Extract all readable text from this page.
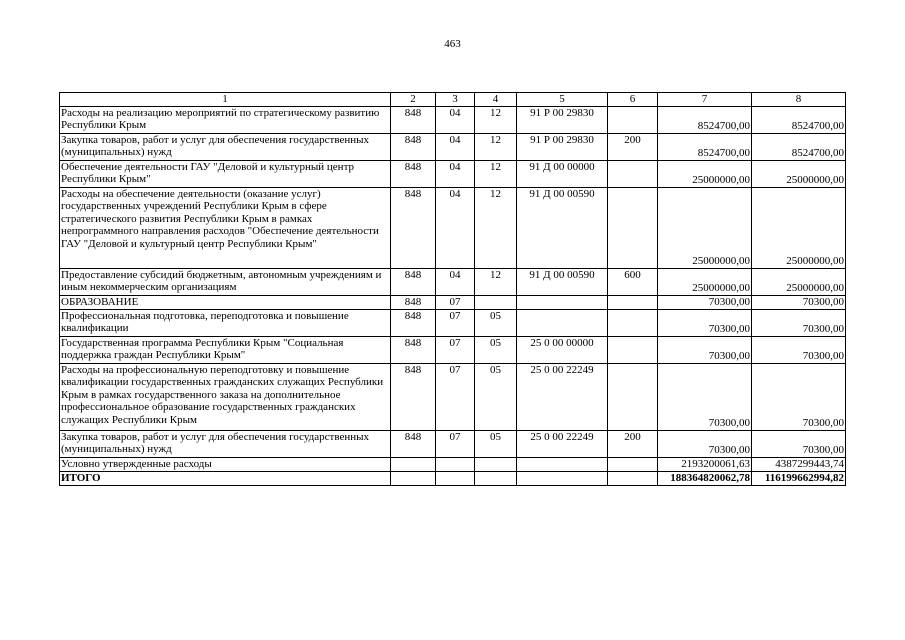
463
1	2	3	4	5	6	7	8
Расходы на реализацию мероприятий по стратегическому развитию Республики Крым	848	04	12	91 Р 00 29830		8524700,00	8524700,00
Закупка товаров, работ и услуг для обеспечения государственных (муниципальных) нужд	848	04	12	91 Р 00 29830	200	8524700,00	8524700,00
Обеспечение деятельности ГАУ "Деловой и культурный центр Республики Крым"	848	04	12	91 Д 00 00000		25000000,00	25000000,00
Расходы на обеспечение деятельности (оказание услуг) государственных учреждений Республики Крым в сфере стратегического развития Республики Крым в рамках непрограммного направления расходов "Обеспечение деятельности ГАУ "Деловой и культурный центр Республики Крым"	848	04	12	91 Д 00 00590		25000000,00	25000000,00
Предоставление субсидий бюджетным, автономным учреждениям и иным некоммерческим организациям	848	04	12	91 Д 00 00590	600	25000000,00	25000000,00
ОБРАЗОВАНИЕ	848	07				70300,00	70300,00
Профессиональная подготовка, переподготовка и повышение квалификации	848	07	05			70300,00	70300,00
Государственная программа Республики Крым "Социальная поддержка граждан Республики Крым"	848	07	05	25 0 00 00000		70300,00	70300,00
Расходы на профессиональную переподготовку и повышение квалификации государственных гражданских служащих Республики Крым в рамках государственного заказа на дополнительное профессиональное образование государственных гражданских служащих Республики Крым	848	07	05	25 0 00 22249		70300,00	70300,00
Закупка товаров, работ и услуг для обеспечения государственных (муниципальных) нужд	848	07	05	25 0 00 22249	200	70300,00	70300,00
Условно утвержденные расходы						2193200061,63	4387299443,74
ИТОГО						188364820062,78	116199662994,82
